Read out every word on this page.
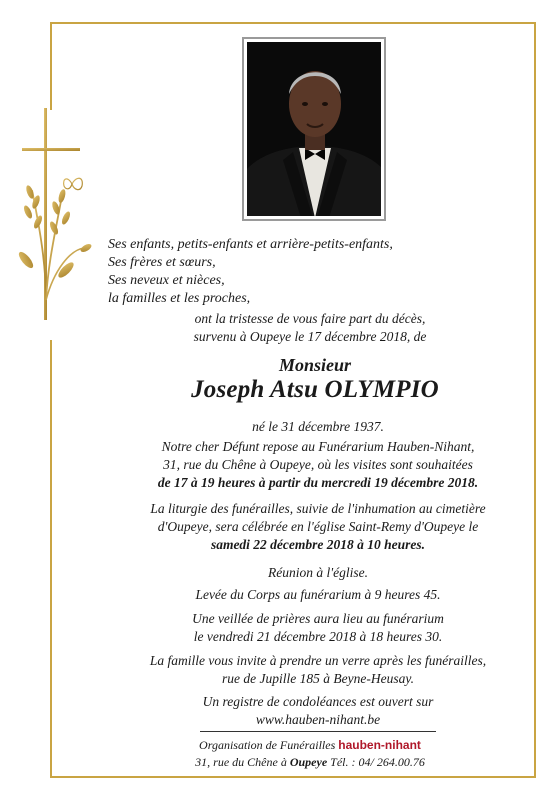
Ses enfants, petits-enfants et arrière-petits-enfants,
Ses frères et sœurs,
Ses neveux et nièces,
la familles et les proches,
ont la tristesse de vous faire part du décès,
survenu à Oupeye le 17 décembre 2018, de
Monsieur
Joseph Atsu OLYMPIO
né le 31 décembre 1937.
Notre cher Défunt repose au Funérarium Hauben-Nihant,
31, rue du Chêne à Oupeye, où les visites sont souhaitées
de 17 à 19 heures à partir du mercredi 19 décembre 2018.
La liturgie des funérailles, suivie de l'inhumation au cimetière
d'Oupeye, sera célébrée en l'église Saint-Remy d'Oupeye le
samedi 22 décembre 2018 à 10 heures.
Réunion à l'église.
Levée du Corps au funérarium à 9 heures 45.
Une veillée de prières aura lieu au funérarium
le vendredi 21 décembre 2018 à 18 heures 30.
La famille vous invite à prendre un verre après les funérailles,
rue de Jupille 185 à Beyne-Heusay.
Un registre de condoléances est ouvert sur
www.hauben-nihant.be
Organisation de Funérailles hauben-nihant
31, rue du Chêne à Oupeye Tél. : 04/ 264.00.76
